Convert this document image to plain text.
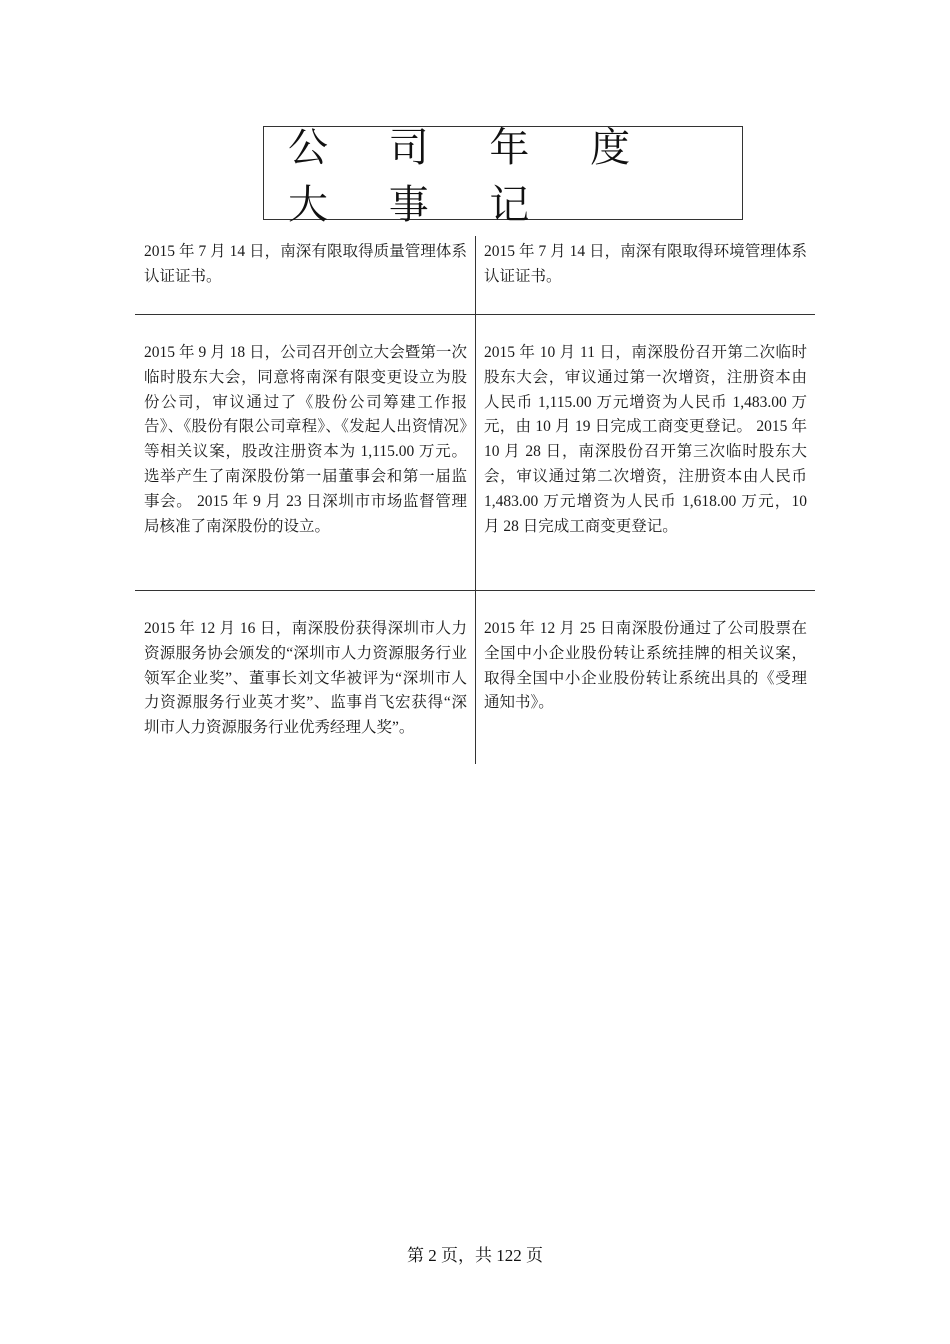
公 司 年 度 大 事 记
2015 年 7 月 14 日，南深有限取得质量管理体系认证证书。
2015 年 7 月 14 日，南深有限取得环境管理体系认证证书。
2015 年 9 月 18 日，公司召开创立大会暨第一次临时股东大会，同意将南深有限变更设立为股份公司，审议通过了《股份公司筹建工作报告》、《股份有限公司章程》、《发起人出资情况》等相关议案，股改注册资本为 1,115.00 万元。选举产生了南深股份第一届董事会和第一届监事会。 2015 年 9 月 23 日深圳市市场监督管理局核准了南深股份的设立。
2015 年 10 月 11 日，南深股份召开第二次临时股东大会，审议通过第一次增资，注册资本由人民币 1,115.00 万元增资为人民币 1,483.00 万元，由 10 月 19 日完成工商变更登记。 2015 年 10 月 28 日，南深股份召开第三次临时股东大会，审议通过第二次增资，注册资本由人民币 1,483.00 万元增资为人民币 1,618.00 万元，10 月 28 日完成工商变更登记。
2015 年 12 月 16 日，南深股份获得深圳市人力资源服务协会颁发的“深圳市人力资源服务行业领军企业奖”、董事长刘文华被评为“深圳市人力资源服务行业英才奖”、监事肖飞宏获得“深圳市人力资源服务行业优秀经理人奖”。
2015 年 12 月 25 日南深股份通过了公司股票在全国中小企业股份转让系统挂牌的相关议案，取得全国中小企业股份转让系统出具的《受理通知书》。
第 2 页，共 122 页
